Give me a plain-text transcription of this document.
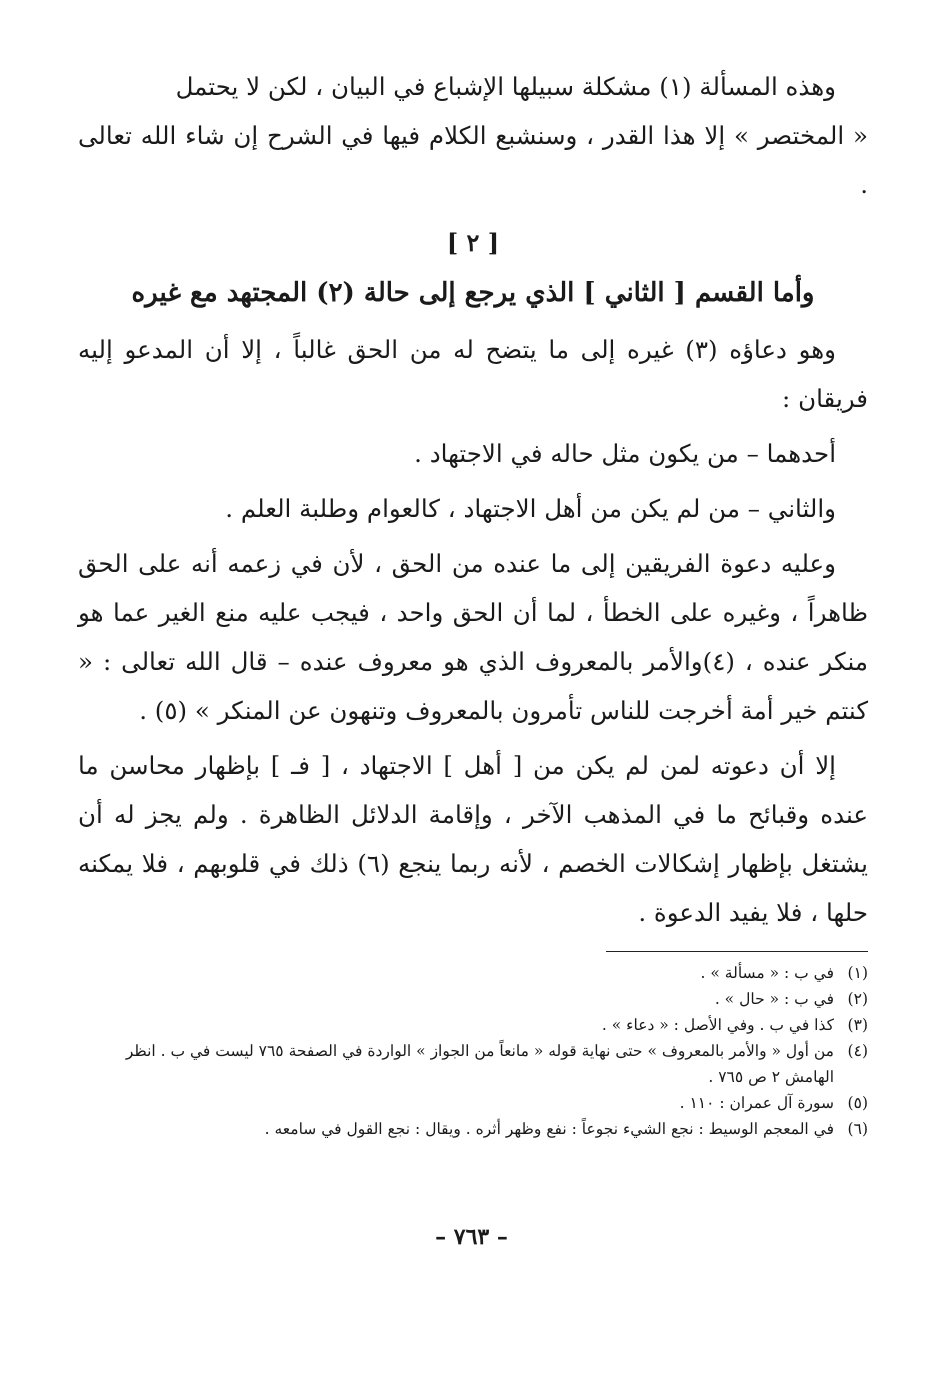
وهذه المسألة (١) مشكلة سبيلها الإشباع في البيان ، لكن لا يحتمل

« المختصر » إلا هذا القدر ، وسنشبع الكلام فيها في الشرح إن شاء الله تعالى .

[ ٢ ]
وأما القسم [ الثاني ] الذي يرجع إلى حالة (٢) المجتهد مع غيره

وهو دعاؤه (٣) غيره إلى ما يتضح له من الحق غالباً ، إلا أن المدعو إليه فريقان :

أحدهما – من يكون مثل حاله في الاجتهاد .

والثاني – من لم يكن من أهل الاجتهاد ، كالعوام وطلبة العلم .

وعليه دعوة الفريقين إلى ما عنده من الحق ، لأن في زعمه أنه على الحق ظاهراً ، وغيره على الخطأ ، لما أن الحق واحد ، فيجب عليه منع الغير عما هو منكر عنده ، (٤)والأمر بالمعروف الذي هو معروف عنده – قال الله تعالى : « كنتم خير أمة أخرجت للناس تأمرون بالمعروف وتنهون عن المنكر » (٥) .

إلا أن دعوته لمن لم يكن من [ أهل ] الاجتهاد ، [ فـ ] بإظهار محاسن ما عنده وقبائح ما في المذهب الآخر ، وإقامة الدلائل الظاهرة . ولم يجز له أن يشتغل بإظهار إشكالات الخصم ، لأنه ربما ينجع (٦) ذلك في قلوبهم ، فلا يمكنه حلها ، فلا يفيد الدعوة .

(١)
في ب : « مسألة » .
(٢)
في ب : « حال » .
(٣)
كذا في ب . وفي الأصل : « دعاء » .
(٤)
من أول « والأمر بالمعروف » حتى نهاية قوله « مانعاً من الجواز » الواردة في الصفحة ٧٦٥ ليست في ب . انظر الهامش ٢ ص ٧٦٥ .
(٥)
سورة آل عمران : ١١٠ .
(٦)
في المعجم الوسيط : نجع الشيء نجوعاً : نفع وظهر أثره . ويقال : نجع القول في سامعه .
– ٧٦٣ –
